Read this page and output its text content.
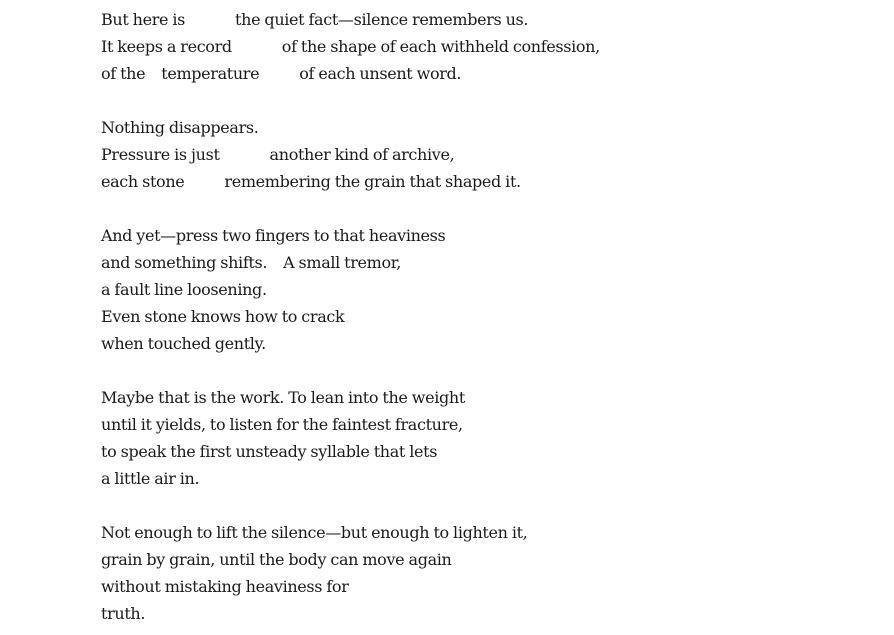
But here is	the quiet fact—silence remembers us.
It keeps a record	of the shape of each withheld confession,
of the temperature	of each unsent word.
Nothing disappears.
Pressure is just	another kind of archive,
each stone	remembering the grain that shaped it.
And yet—press two fingers to that heaviness
and something shifts. A small tremor,
a fault line loosening.
Even stone knows how to crack
when touched gently.
Maybe that is the work. To lean into the weight
until it yields, to listen for the faintest fracture,
to speak the first unsteady syllable that lets
a little air in.
Not enough to lift the silence—but enough to lighten it,
grain by grain, until the body can move again
without mistaking heaviness for
truth.
